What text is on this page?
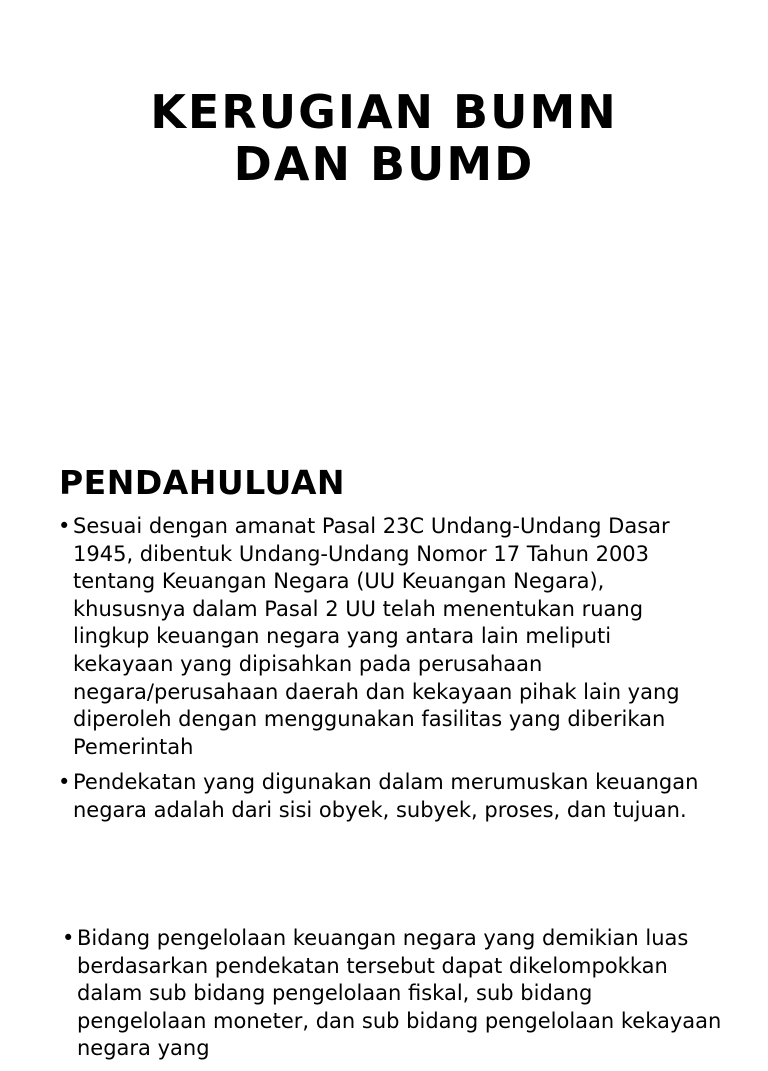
KERUGIAN BUMN
DAN BUMD
PENDAHULUAN
• Sesuai dengan amanat Pasal 23C Undang-Undang Dasar 1945, dibentuk Undang-Undang Nomor 17 Tahun 2003 tentang Keuangan Negara (UU Keuangan Negara), khususnya dalam Pasal 2 UU telah menentukan ruang lingkup keuangan negara yang antara lain meliputi kekayaan yang dipisahkan pada perusahaan negara/perusahaan daerah dan kekayaan pihak lain yang diperoleh dengan menggunakan fasilitas yang diberikan Pemerintah
• Pendekatan yang digunakan dalam merumuskan keuangan negara adalah dari sisi obyek, subyek, proses, dan tujuan.
• Bidang pengelolaan keuangan negara yang demikian luas berdasarkan pendekatan tersebut dapat dikelompokkan dalam sub bidang pengelolaan fiskal, sub bidang pengelolaan moneter, dan sub bidang pengelolaan kekayaan negara yang
